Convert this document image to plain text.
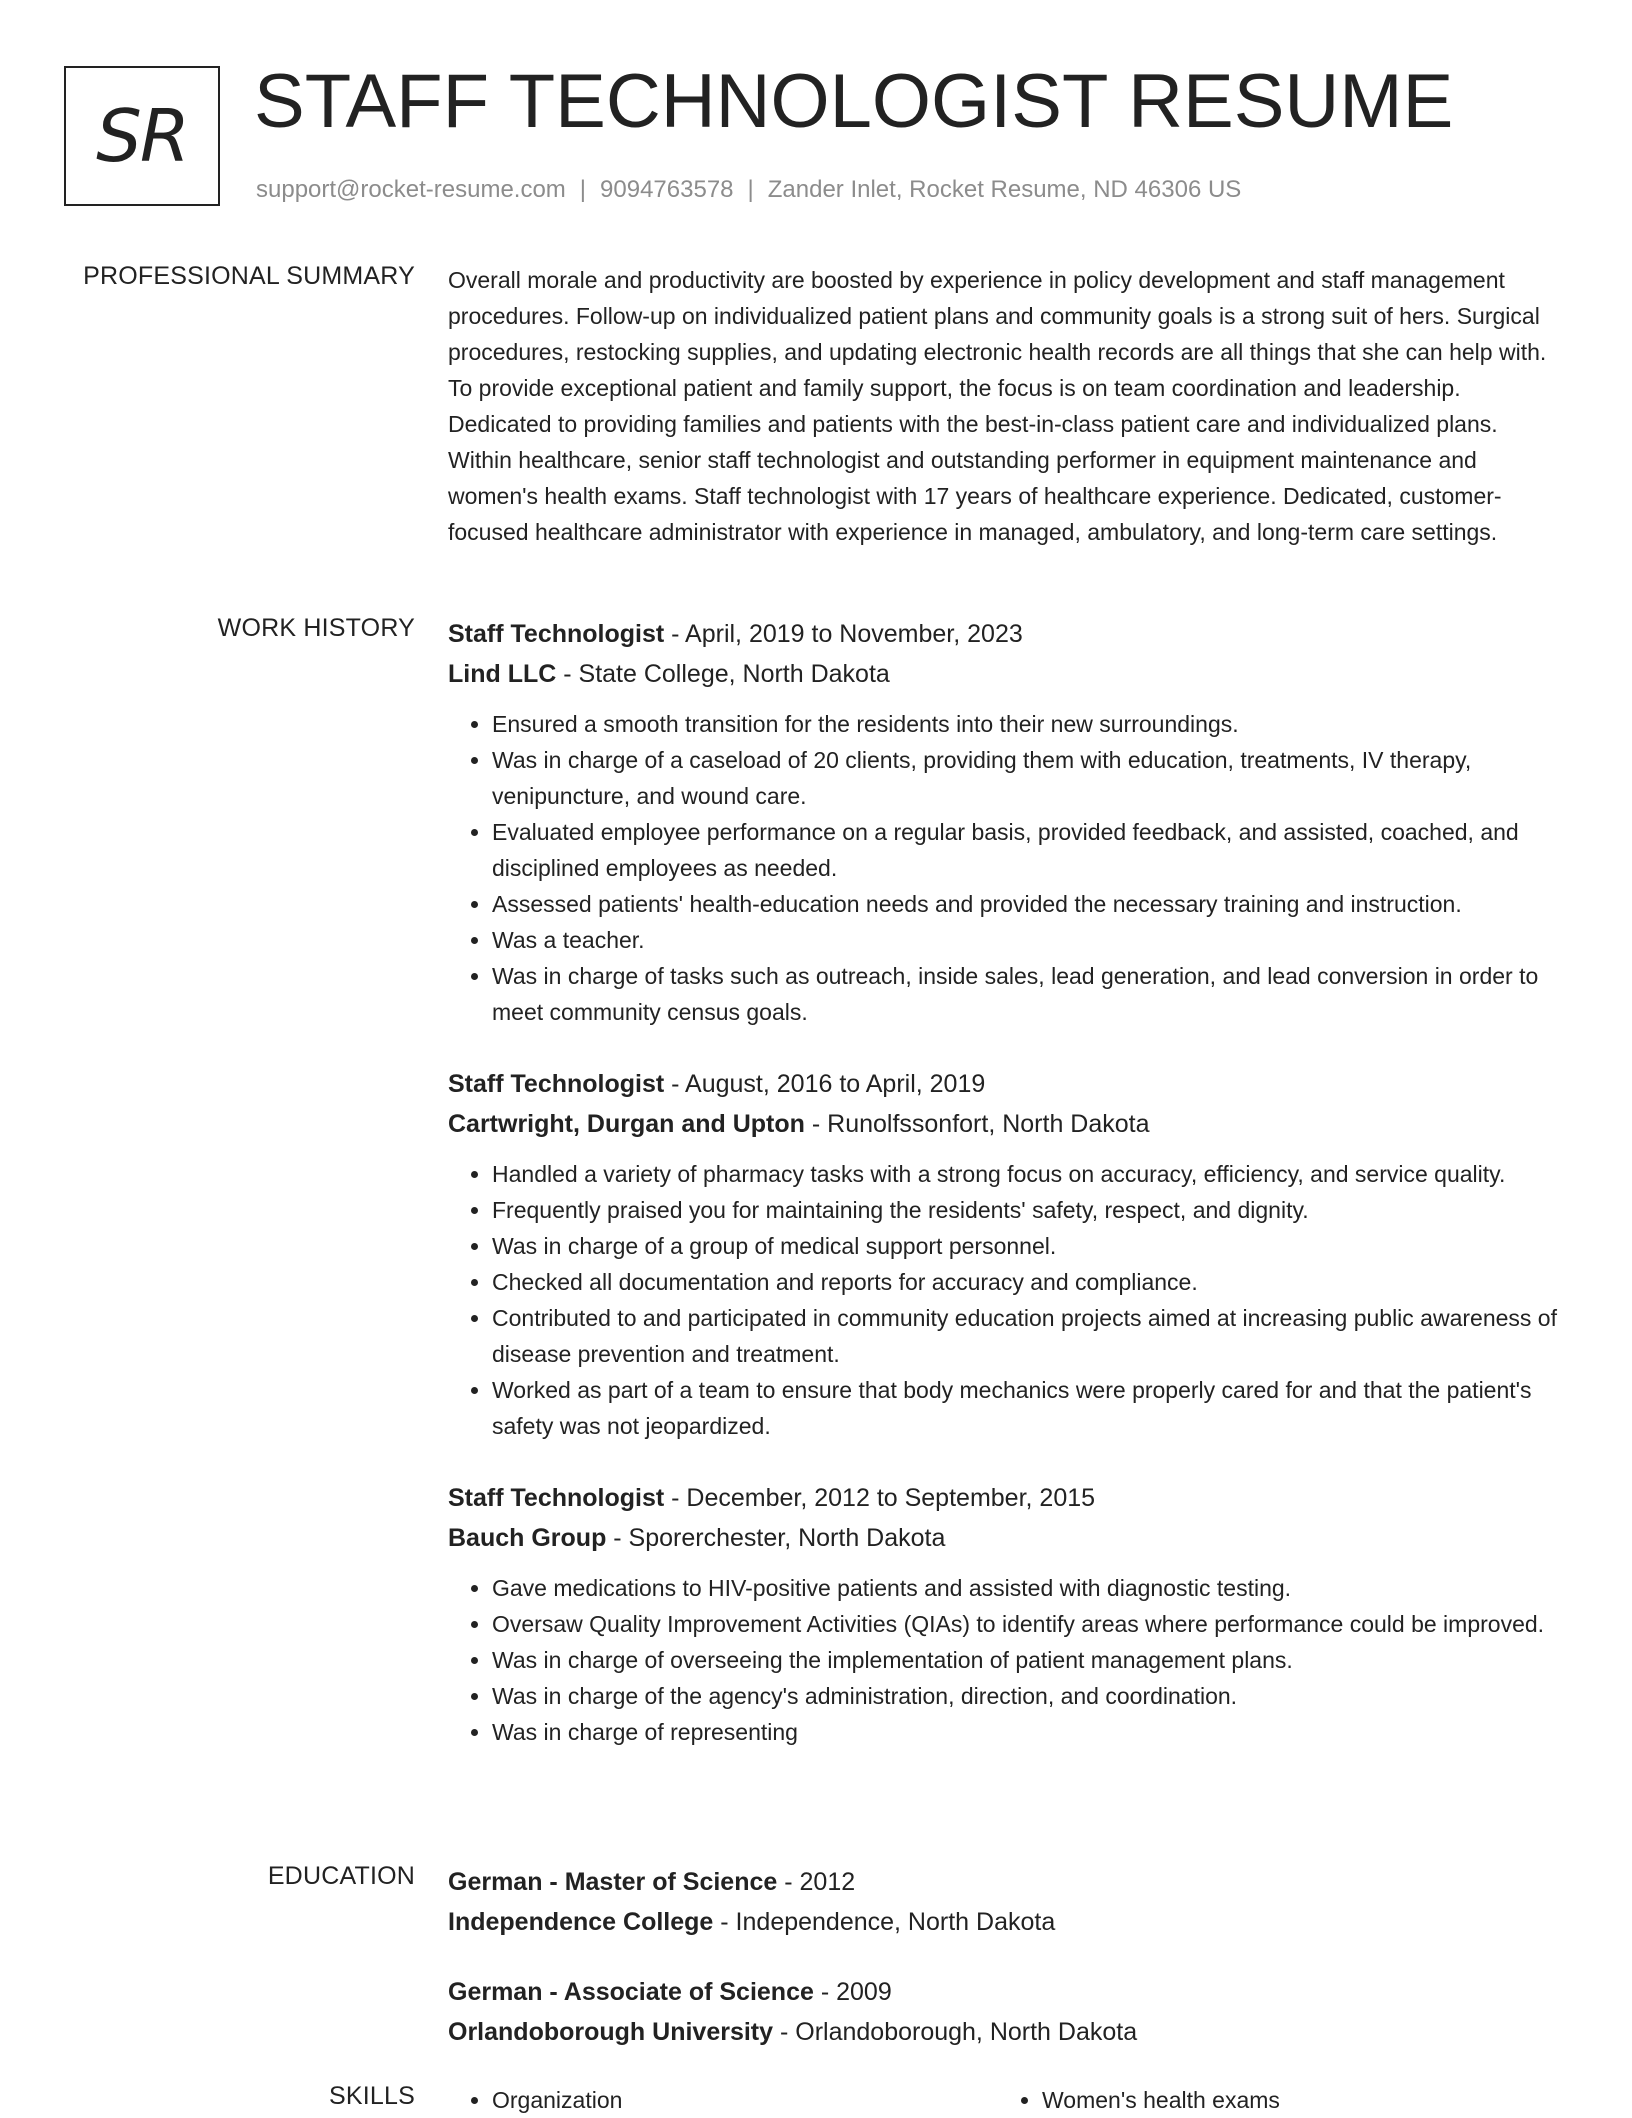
SR STAFF TECHNOLOGIST RESUME
support@rocket-resume.com | 9094763578 | Zander Inlet, Rocket Resume, ND 46306 US
PROFESSIONAL SUMMARY Overall morale and productivity are boosted by experience in policy development and staff management procedures. Follow-up on individualized patient plans and community goals is a strong suit of hers. Surgical procedures, restocking supplies, and updating electronic health records are all things that she can help with. To provide exceptional patient and family support, the focus is on team coordination and leadership. Dedicated to providing families and patients with the best-in-class patient care and individualized plans. Within healthcare, senior staff technologist and outstanding performer in equipment maintenance and women's health exams. Staff technologist with 17 years of healthcare experience. Dedicated, customer-focused healthcare administrator with experience in managed, ambulatory, and long-term care settings.

WORK HISTORY Staff Technologist - April, 2019 to November, 2023
Lind LLC - State College, North Dakota
• Ensured a smooth transition for the residents into their new surroundings.
• Was in charge of a caseload of 20 clients, providing them with education, treatments, IV therapy, venipuncture, and wound care.
• Evaluated employee performance on a regular basis, provided feedback, and assisted, coached, and disciplined employees as needed.
• Assessed patients' health-education needs and provided the necessary training and instruction.
• Was a teacher.
• Was in charge of tasks such as outreach, inside sales, lead generation, and lead conversion in order to meet community census goals.
Staff Technologist - August, 2016 to April, 2019
Cartwright, Durgan and Upton - Runolfssonfort, North Dakota
• Handled a variety of pharmacy tasks with a strong focus on accuracy, efficiency, and service quality.
• Frequently praised you for maintaining the residents' safety, respect, and dignity.
• Was in charge of a group of medical support personnel.
• Checked all documentation and reports for accuracy and compliance.
• Contributed to and participated in community education projects aimed at increasing public awareness of disease prevention and treatment.
• Worked as part of a team to ensure that body mechanics were properly cared for and that the patient's safety was not jeopardized.
Staff Technologist - December, 2012 to September, 2015
Bauch Group - Sporerchester, North Dakota
• Gave medications to HIV-positive patients and assisted with diagnostic testing.
• Oversaw Quality Improvement Activities (QIAs) to identify areas where performance could be improved.
• Was in charge of overseeing the implementation of patient management plans.
• Was in charge of the agency's administration, direction, and coordination.
• Was in charge of representing
EDUCATION German - Master of Science - 2012
Independence College - Independence, North Dakota
German - Associate of Science - 2009
Orlandoborough University - Orlandoborough, North Dakota
SKILLS	• Organization	• Women's health exams
